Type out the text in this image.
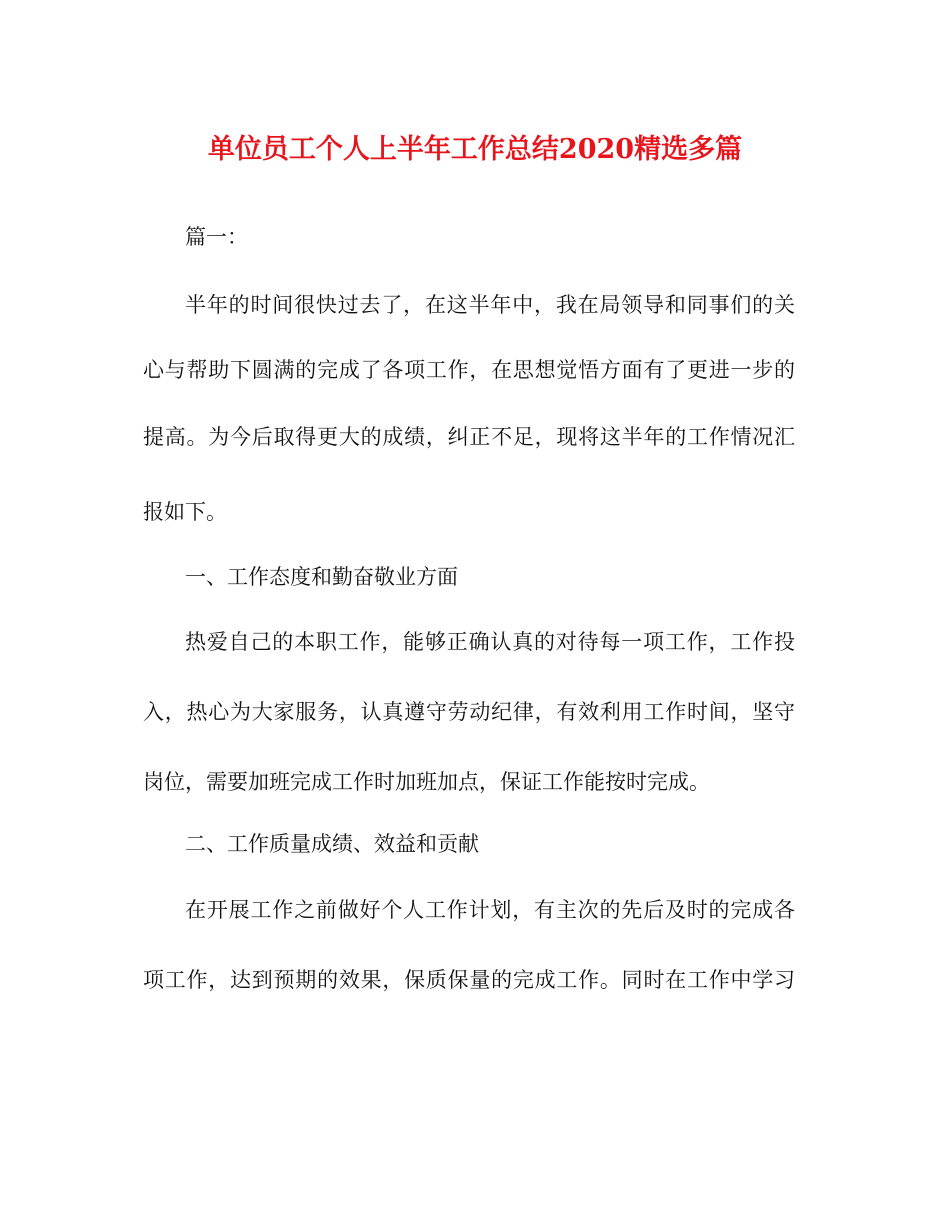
单位员工个人上半年工作总结2020精选多篇

篇一：

半年的时间很快过去了，在这半年中，我在局领导和同事们的关

心与帮助下圆满的完成了各项工作，在思想觉悟方面有了更进一步的

提高。为今后取得更大的成绩，纠正不足，现将这半年的工作情况汇

报如下。

一、工作态度和勤奋敬业方面

热爱自己的本职工作，能够正确认真的对待每一项工作，工作投

入，热心为大家服务，认真遵守劳动纪律，有效利用工作时间，坚守

岗位，需要加班完成工作时加班加点，保证工作能按时完成。

二、工作质量成绩、效益和贡献

在开展工作之前做好个人工作计划，有主次的先后及时的完成各

项工作，达到预期的效果，保质保量的完成工作。同时在工作中学习
